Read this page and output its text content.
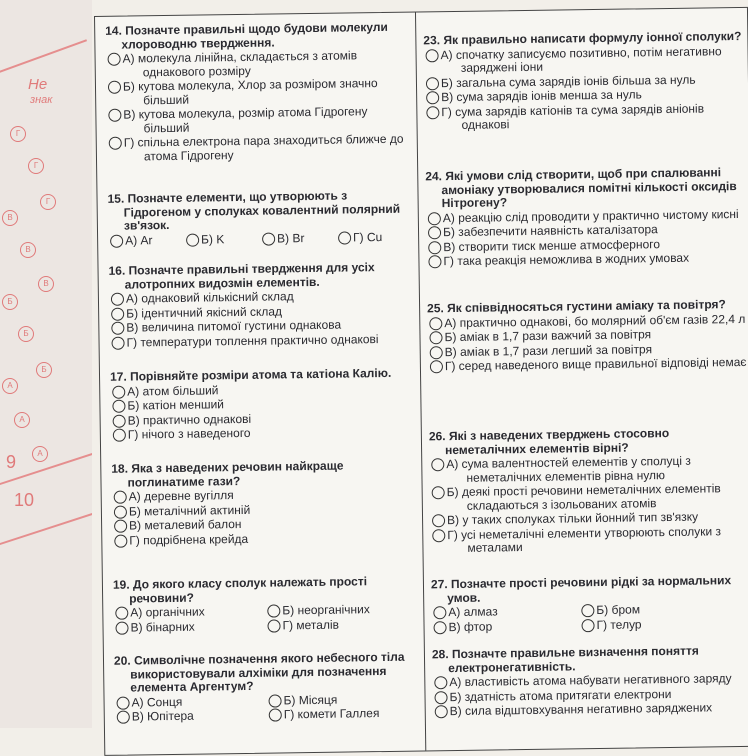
Не
знак
Г
Г
Г
В
В
В
Б
Б
Б
А
А
А
9
10
14. Позначте правильні щодо будови молекули хлороводню твердження.
А) молекула лінійна, складається з атомів однакового розміру
Б) кутова молекула, Хлор за розміром значно більший
В) кутова молекула, розмір атома Гідрогену більший
Г) спільна електрона пара знаходиться ближче до атома Гідрогену
15. Позначте елементи, що утворюють з Гідрогеном у сполуках ковалентний полярний зв'язок.
А) Ar	Б) K	В) Br	Г) Cu
16. Позначте правильні твердження для усіх алотропних видозмін елементів.
А) однаковий кількісний склад
Б) ідентичний якісний склад
В) величина питомої густини однакова
Г) температури топлення практично однакові
17. Порівняйте розміри атома та катіона Калію.
А) атом більший
Б) катіон менший
В) практично однакові
Г) нічого з наведеного
18. Яка з наведених речовин найкраще поглинатиме гази?
А) деревне вугілля
Б) металічний актиній
В) металевий балон
Г) подрібнена крейда
19. До якого класу сполук належать прості речовини?
А) органічних	Б) неорганічних
В) бінарних	Г) металів
20. Символічне позначення якого небесного тіла використовували алхіміки для позначення елемента Аргентум?
А) Сонця	Б) Місяця
В) Юпітера	Г) комети Галлея
23. Як правильно написати формулу іонної сполуки?
А) спочатку записуємо позитивно, потім негативно заряджені іони
Б) загальна сума зарядів іонів більша за нуль
В) сума зарядів іонів менша за нуль
Г) сума зарядів катіонів та сума зарядів аніонів однакові
24. Які умови слід створити, щоб при спалюванні амоніаку утворювалися помітні кількості оксидів Нітрогену?
А) реакцію слід проводити у практично чистому кисні
Б) забезпечити наявність каталізатора
В) створити тиск менше атмосферного
Г) така реакція неможлива в жодних умовах
25. Як співвідносяться густини аміаку та повітря?
А) практично однакові, бо молярний об'єм газів 22,4 л
Б) аміак в 1,7 рази важчий за повітря
В) аміак в 1,7 рази легший за повітря
Г) серед наведеного вище правильної відповіді немає
26. Які з наведених тверджень стосовно неметалічних елементів вірні?
А) сума валентностей елементів у сполуці з неметалічних елементів рівна нулю
Б) деякі прості речовини неметалічних елементів складаються з ізольованих атомів
В) у таких сполуках тільки йонний тип зв'язку
Г) усі неметалічні елементи утворюють сполуки з металами
27. Позначте прості речовини рідкі за нормальних умов.
А) алмаз	Б) бром
В) фтор	Г) телур
28. Позначте правильне визначення поняття електронегативність.
А) властивість атома набувати негативного заряду
Б) здатність атома притягати електрони
В) сила відштовхування негативно заряджених
